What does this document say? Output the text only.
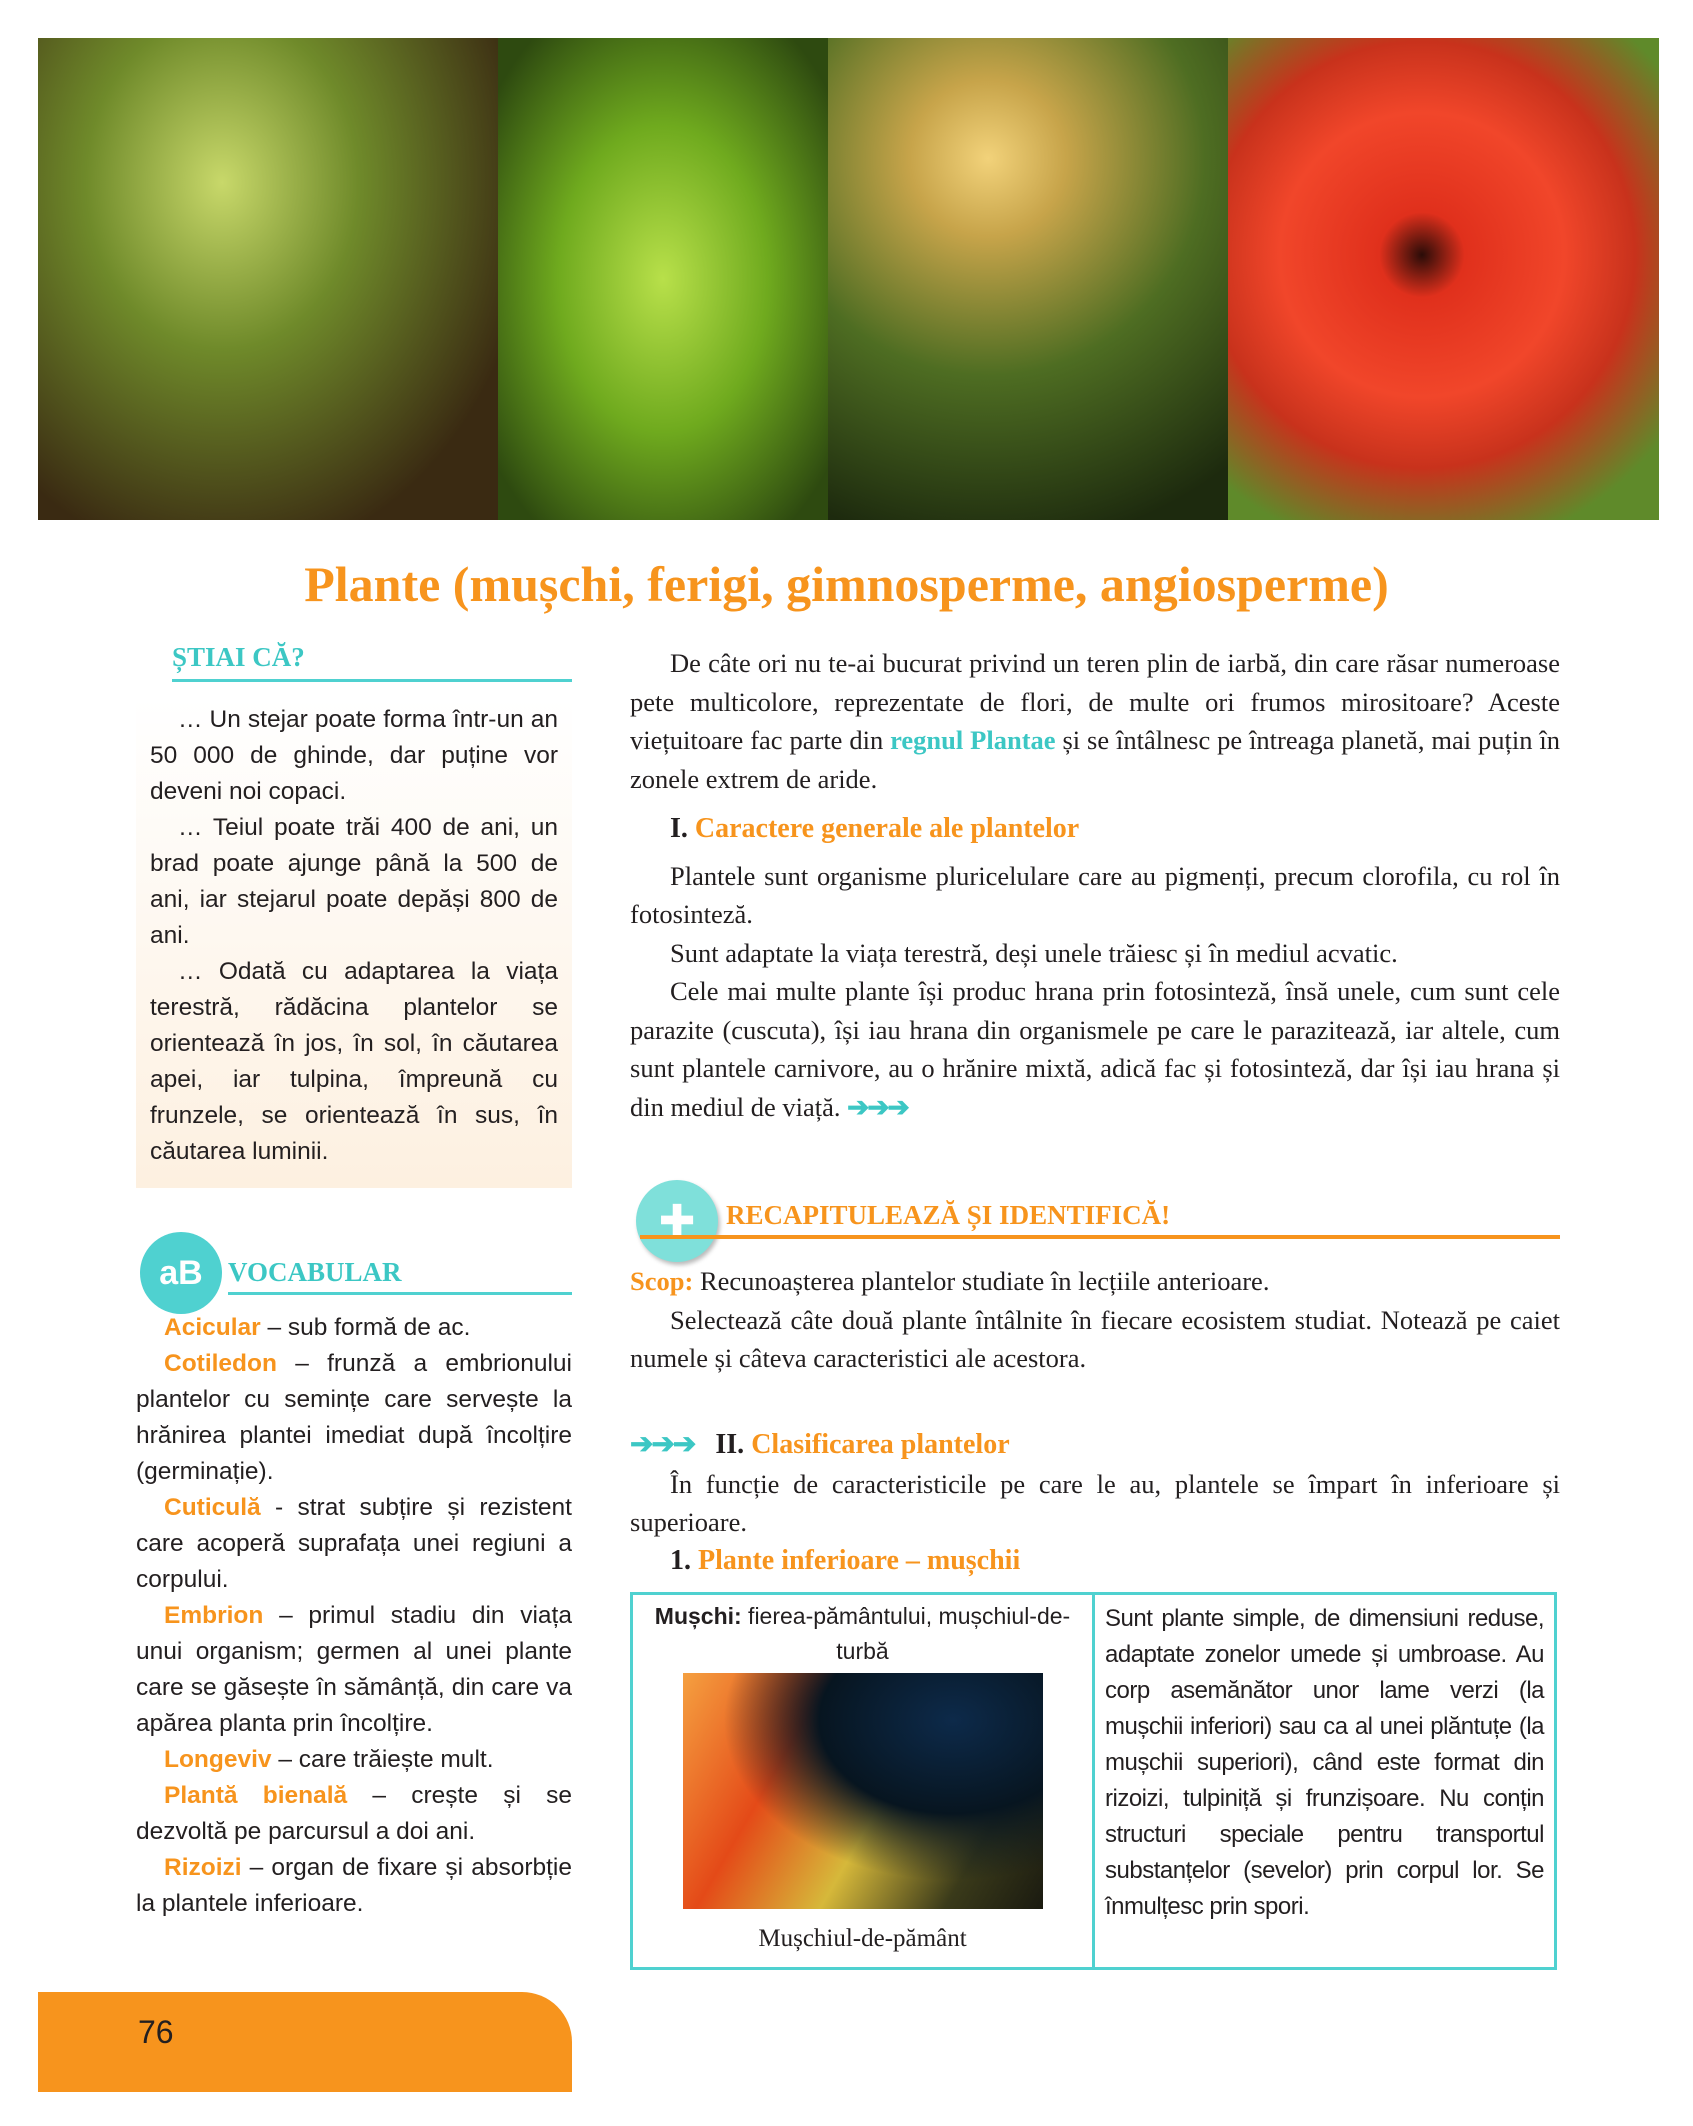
Plante (mușchi, ferigi, gimnosperme, angiosperme)
ȘTIAI CĂ?

… Un stejar poate forma într-un an 50 000 de ghinde, dar puține vor deveni noi copaci.

… Teiul poate trăi 400 de ani, un brad poate ajunge până la 500 de ani, iar stejarul poate depăși 800 de ani.

… Odată cu adaptarea la viața terestră, rădăcina plantelor se orientează în jos, în sol, în căutarea apei, iar tulpina, împreună cu frunzele, se orientează în sus, în căutarea luminii.

aB VOCABULAR

Acicular – sub formă de ac.

Cotiledon – frunză a embrionului plantelor cu semințe care servește la hrănirea plantei imediat după încolțire (germinație).

Cuticulă - strat subțire și rezistent care acoperă suprafața unei regiuni a corpului.

Embrion – primul stadiu din viața unui organism; germen al unei plante care se găsește în sămânță, din care va apărea planta prin încolțire.

Longeviv – care trăiește mult.

Plantă bienală – crește și se dezvoltă pe parcursul a doi ani.

Rizoizi – organ de fixare și absorbție la plantele inferioare.

76

De câte ori nu te-ai bucurat privind un teren plin de iarbă, din care răsar numeroase pete multicolore, reprezentate de flori, de multe ori frumos mirositoare? Aceste viețuitoare fac parte din regnul Plantae și se întâlnesc pe întreaga planetă, mai puțin în zonele extrem de aride.

I. Caractere generale ale plantelor

Plantele sunt organisme pluricelulare care au pigmenți, precum clorofila, cu rol în fotosinteză.

Sunt adaptate la viața terestră, deși unele trăiesc și în mediul acvatic.

Cele mai multe plante își produc hrana prin fotosinteză, însă unele, cum sunt cele parazite (cuscuta), își iau hrana din organismele pe care le parazitează, iar altele, cum sunt plantele carnivore, au o hrănire mixtă, adică fac și fotosinteză, dar își iau hrana și din mediul de viață. ➔➔➔

✚	RECAPITULEAZĂ ȘI IDENTIFICĂ!
Scop: Recunoașterea plantelor studiate în lecțiile anterioare.

Selectează câte două plante întâlnite în fiecare ecosistem studiat. Notează pe caiet numele și câteva caracteristici ale acestora.

➔➔➔ II. Clasificarea plantelor

În funcție de caracteristicile pe care le au, plantele se împart în inferioare și superioare.

1. Plante inferioare – mușchii
Mușchi: fierea-pământului, mușchiul-de-turbă
Mușchiul-de-pământ
Sunt plante simple, de dimensiuni reduse, adaptate zonelor umede și umbroase. Au corp asemănător unor lame verzi (la mușchii inferiori) sau ca al unei plăntuțe (la mușchii superiori), când este format din rizoizi, tulpiniță și frunzișoare. Nu conțin structuri speciale pentru transportul substanțelor (sevelor) prin corpul lor. Se înmulțesc prin spori.
